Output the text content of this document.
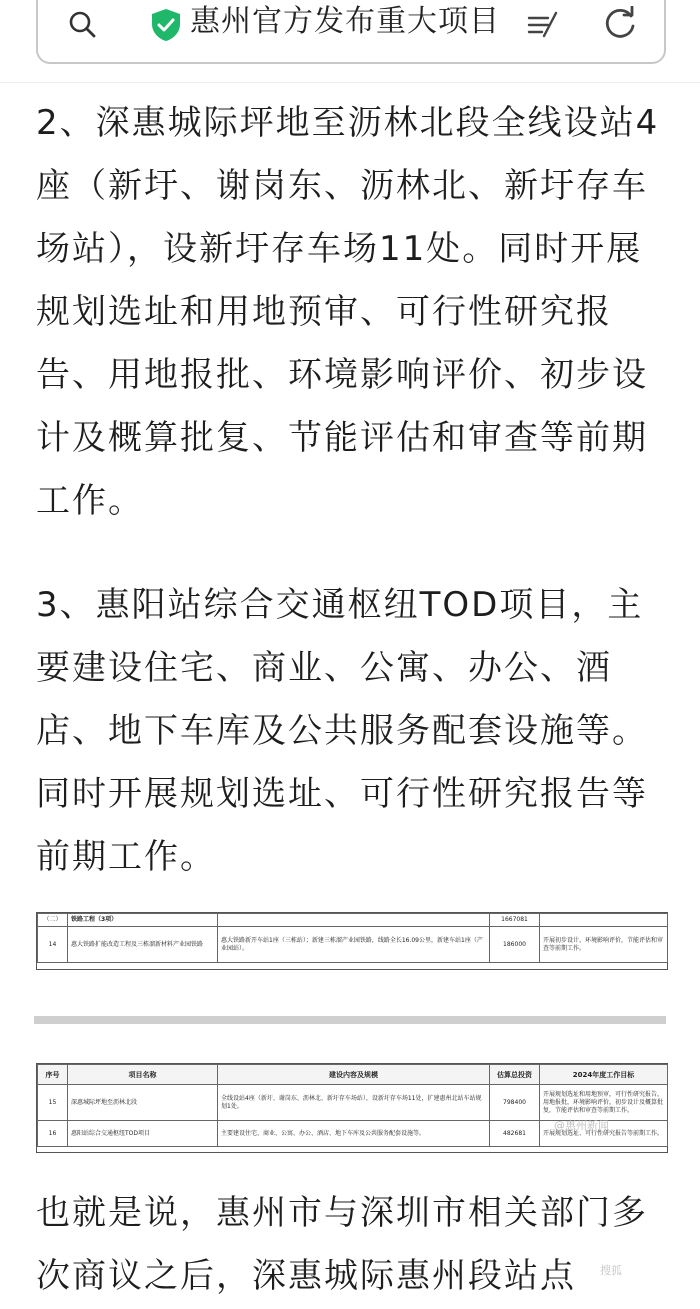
惠州官方发布重大项目

2、深惠城际坪地至沥林北段全线设站4座（新圩、谢岗东、沥林北、新圩存车场站），设新圩存车场11处。同时开展规划选址和用地预审、可行性研究报告、用地报批、环境影响评价、初步设计及概算批复、节能评估和审查等前期工作。

3、惠阳站综合交通枢纽TOD项目，主要建设住宅、商业、公寓、办公、酒店、地下车库及公共服务配套设施等。同时开展规划选址、可行性研究报告等前期工作。

（二）	铁路工程（3项）		1667081	
14	惠大铁路扩能改造工程及三栋溜新材料产业园铁路	惠大铁路新开车站1座（三栋站）；新建三栋溜产业园铁路，线路全长16.09公里，新建车站1座（产业园站）。	186000	开展初步设计、环境影响评价，节能评估和审查等前期工作。
序号	项目名称	建设内容及规模	估算总投资	2024年度工作目标
15	深惠城际坪地至沥林北段	全线设站4座（新圩、谢岗东、沥林北、新圩存车场站），设新圩存车场11处，扩建惠州北站车站规划1处。	798400	开展规划选址和用地预审，可行性研究报告，用地报批，环境影响评价，初步设计及概算批复，节能评估和审查等前期工作。
16	惠阳站综合交通枢纽TOD项目	主要建设住宅、商业、公寓、办公、酒店、地下车库及公共服务配套设施等。	482681	开展规划选址、可行性研究报告等前期工作。
@惠州新闻

也就是说，惠州市与深圳市相关部门多次商议之后，深惠城际惠州段站点	搜狐
